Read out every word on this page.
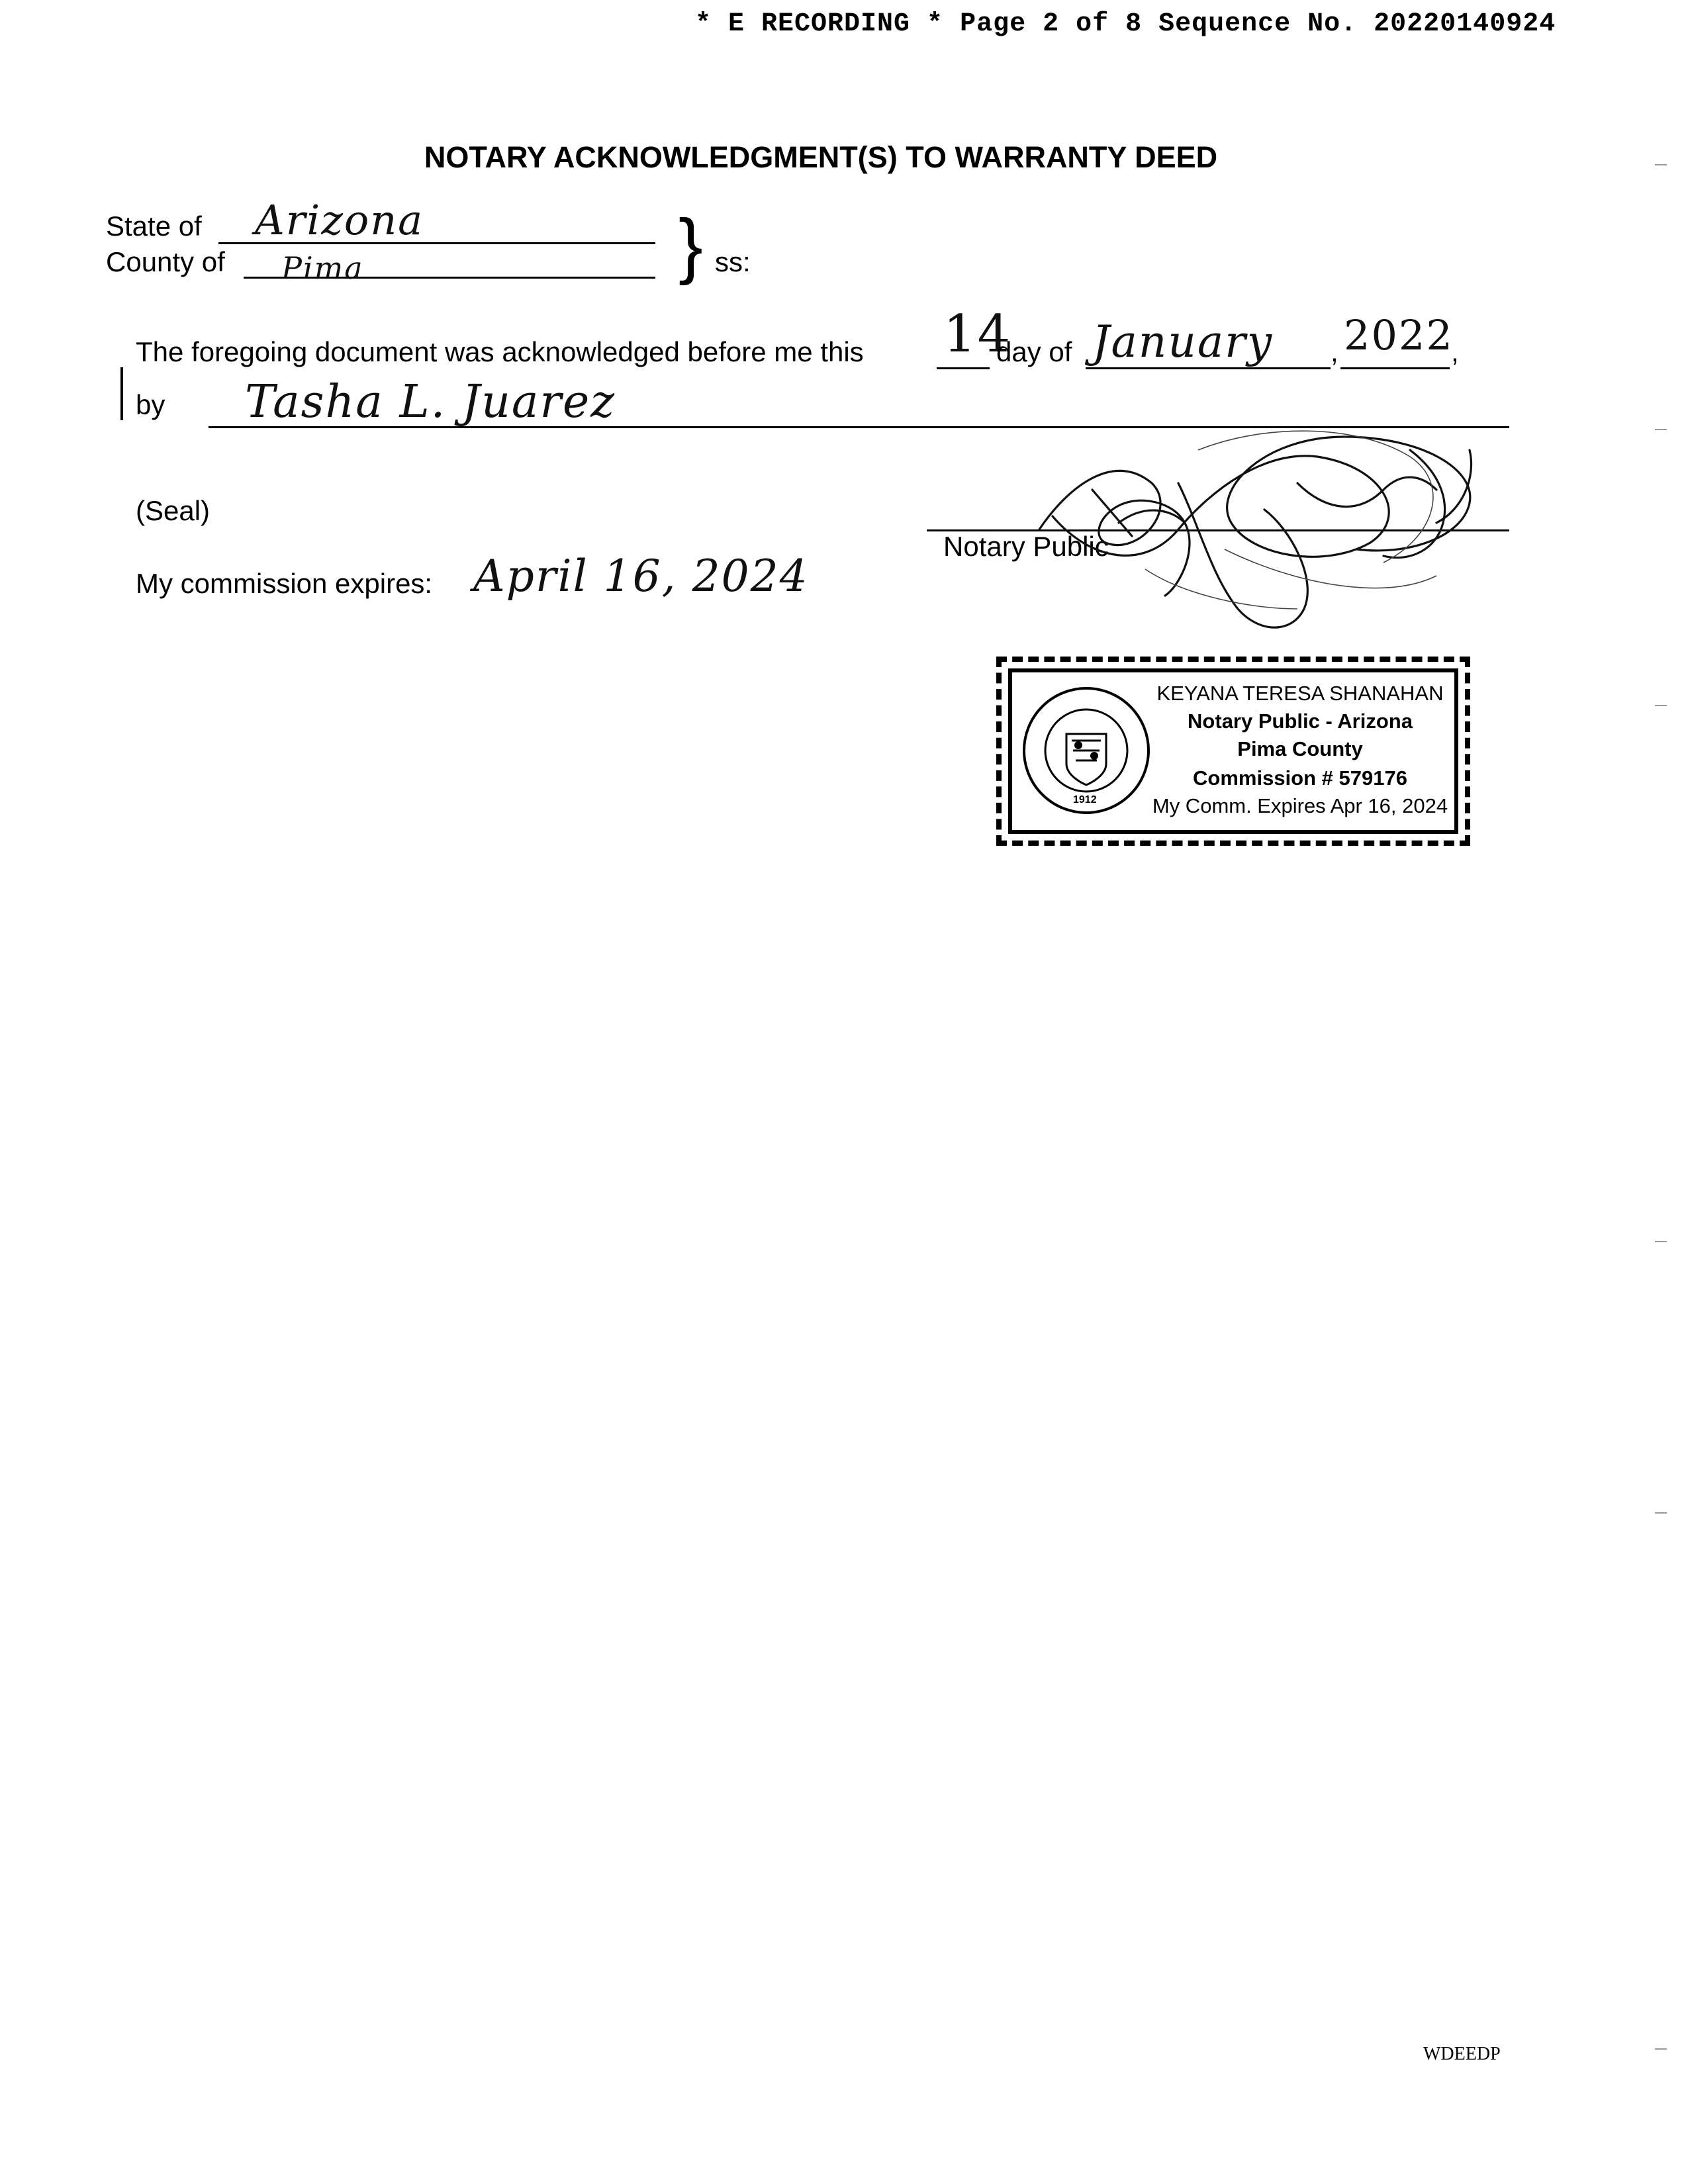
* E RECORDING * Page 2 of 8 Sequence No. 20220140924
NOTARY ACKNOWLEDGMENT(S) TO WARRANTY DEED
State of Arizona
County of Pima	} ss:
The foregoing document was acknowledged before me this 14
day of January , 2022
,
by Tasha L. Juarez
(Seal)
Notary Public
My commission expires: April 16, 2024
1912
KEYANA TERESA SHANAHAN
Notary Public - Arizona
Pima County
Commission # 579176
My Comm. Expires Apr 16, 2024
WDEEDP
